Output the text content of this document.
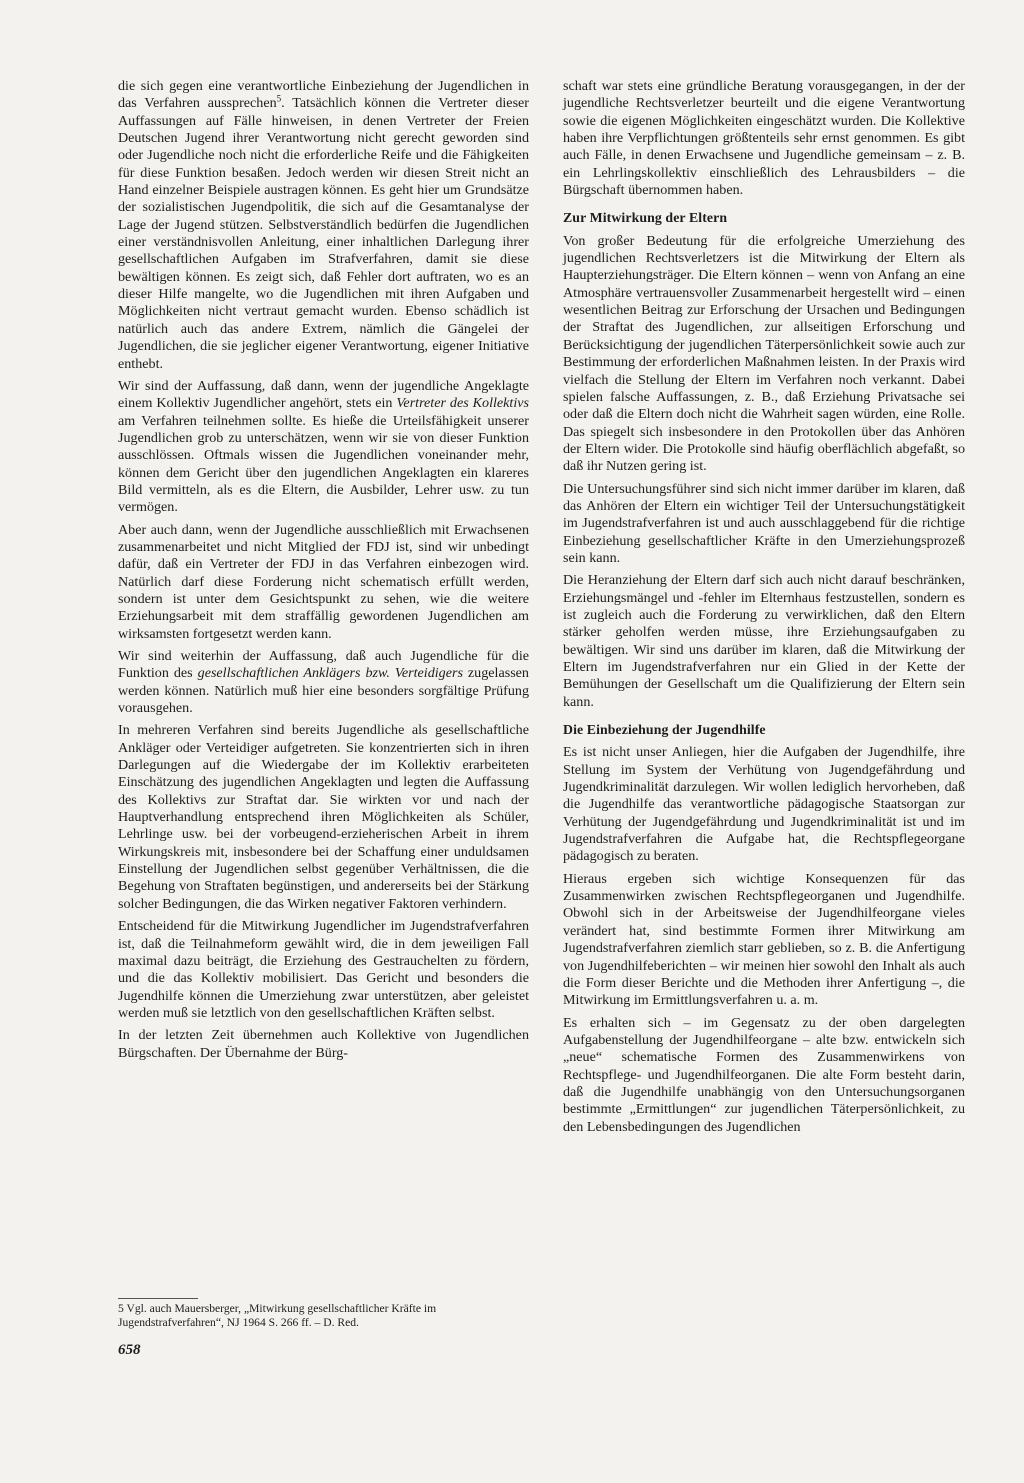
die sich gegen eine verantwortliche Einbeziehung der Jugendlichen in das Verfahren aussprechen$^5$. Tatsächlich können die Vertreter dieser Auffassungen auf Fälle hinweisen, in denen Vertreter der Freien Deutschen Jugend ihrer Verantwortung nicht gerecht geworden sind oder Jugendliche noch nicht die erforderliche Reife und die Fähigkeiten für diese Funktion besaßen. Jedoch werden wir diesen Streit nicht an Hand einzelner Beispiele austragen können. Es geht hier um Grundsätze der sozialistischen Jugendpolitik, die sich auf die Gesamtanalyse der Lage der Jugend stützen. Selbstverständlich bedürfen die Jugendlichen einer verständnisvollen Anleitung, einer inhaltlichen Darlegung ihrer gesellschaftlichen Aufgaben im Strafverfahren, damit sie diese bewältigen können. Es zeigt sich, daß Fehler dort auftraten, wo es an dieser Hilfe mangelte, wo die Jugendlichen mit ihren Aufgaben und Möglichkeiten nicht vertraut gemacht wurden. Ebenso schädlich ist natürlich auch das andere Extrem, nämlich die Gängelei der Jugendlichen, die sie jeglicher eigener Verantwortung, eigener Initiative enthebt.

Wir sind der Auffassung, daß dann, wenn der jugendliche Angeklagte einem Kollektiv Jugendlicher angehört, stets ein Vertreter des Kollektivs am Verfahren teilnehmen sollte. Es hieße die Urteilsfähigkeit unserer Jugendlichen grob zu unterschätzen, wenn wir sie von dieser Funktion ausschlössen. Oftmals wissen die Jugendlichen voneinander mehr, können dem Gericht über den jugendlichen Angeklagten ein klareres Bild vermitteln, als es die Eltern, die Ausbilder, Lehrer usw. zu tun vermögen.

Aber auch dann, wenn der Jugendliche ausschließlich mit Erwachsenen zusammenarbeitet und nicht Mitglied der FDJ ist, sind wir unbedingt dafür, daß ein Vertreter der FDJ in das Verfahren einbezogen wird. Natürlich darf diese Forderung nicht schematisch erfüllt werden, sondern ist unter dem Gesichtspunkt zu sehen, wie die weitere Erziehungsarbeit mit dem straffällig gewordenen Jugendlichen am wirksamsten fortgesetzt werden kann.

Wir sind weiterhin der Auffassung, daß auch Jugendliche für die Funktion des gesellschaftlichen Anklägers bzw. Verteidigers zugelassen werden können. Natürlich muß hier eine besonders sorgfältige Prüfung vorausgehen.

In mehreren Verfahren sind bereits Jugendliche als gesellschaftliche Ankläger oder Verteidiger aufgetreten. Sie konzentrierten sich in ihren Darlegungen auf die Wiedergabe der im Kollektiv erarbeiteten Einschätzung des jugendlichen Angeklagten und legten die Auffassung des Kollektivs zur Straftat dar. Sie wirkten vor und nach der Hauptverhandlung entsprechend ihren Möglichkeiten als Schüler, Lehrlinge usw. bei der vorbeugend-erzieherischen Arbeit in ihrem Wirkungskreis mit, insbesondere bei der Schaffung einer unduldsamen Einstellung der Jugendlichen selbst gegenüber Verhältnissen, die die Begehung von Straftaten begünstigen, und andererseits bei der Stärkung solcher Bedingungen, die das Wirken negativer Faktoren verhindern.

Entscheidend für die Mitwirkung Jugendlicher im Jugendstrafverfahren ist, daß die Teilnahmeform gewählt wird, die in dem jeweiligen Fall maximal dazu beiträgt, die Erziehung des Gestrauchelten zu fördern, und die das Kollektiv mobilisiert. Das Gericht und besonders die Jugendhilfe können die Umerziehung zwar unterstützen, aber geleistet werden muß sie letztlich von den gesellschaftlichen Kräften selbst.

In der letzten Zeit übernehmen auch Kollektive von Jugendlichen Bürgschaften. Der Übernahme der Bürg-

5 Vgl. auch Mauersberger, „Mitwirkung gesellschaftlicher Kräfte im Jugendstrafverfahren“, NJ 1964 S. 266 ff. – D. Red.

658

schaft war stets eine gründliche Beratung vorausgegangen, in der der jugendliche Rechtsverletzer beurteilt und die eigene Verantwortung sowie die eigenen Möglichkeiten eingeschätzt wurden. Die Kollektive haben ihre Verpflichtungen größtenteils sehr ernst genommen. Es gibt auch Fälle, in denen Erwachsene und Jugendliche gemeinsam – z. B. ein Lehrlingskollektiv einschließlich des Lehrausbilders – die Bürgschaft übernommen haben.

Zur Mitwirkung der Eltern

Von großer Bedeutung für die erfolgreiche Umerziehung des jugendlichen Rechtsverletzers ist die Mitwirkung der Eltern als Haupterziehungsträger. Die Eltern können – wenn von Anfang an eine Atmosphäre vertrauensvoller Zusammenarbeit hergestellt wird – einen wesentlichen Beitrag zur Erforschung der Ursachen und Bedingungen der Straftat des Jugendlichen, zur allseitigen Erforschung und Berücksichtigung der jugendlichen Täterpersönlichkeit sowie auch zur Bestimmung der erforderlichen Maßnahmen leisten. In der Praxis wird vielfach die Stellung der Eltern im Verfahren noch verkannt. Dabei spielen falsche Auffassungen, z. B., daß Erziehung Privatsache sei oder daß die Eltern doch nicht die Wahrheit sagen würden, eine Rolle. Das spiegelt sich insbesondere in den Protokollen über das Anhören der Eltern wider. Die Protokolle sind häufig oberflächlich abgefaßt, so daß ihr Nutzen gering ist.

Die Untersuchungsführer sind sich nicht immer darüber im klaren, daß das Anhören der Eltern ein wichtiger Teil der Untersuchungstätigkeit im Jugendstrafverfahren ist und auch ausschlaggebend für die richtige Einbeziehung gesellschaftlicher Kräfte in den Umerziehungsprozeß sein kann.

Die Heranziehung der Eltern darf sich auch nicht darauf beschränken, Erziehungsmängel und -fehler im Elternhaus festzustellen, sondern es ist zugleich auch die Forderung zu verwirklichen, daß den Eltern stärker geholfen werden müsse, ihre Erziehungsaufgaben zu bewältigen. Wir sind uns darüber im klaren, daß die Mitwirkung der Eltern im Jugendstrafverfahren nur ein Glied in der Kette der Bemühungen der Gesellschaft um die Qualifizierung der Eltern sein kann.

Die Einbeziehung der Jugendhilfe

Es ist nicht unser Anliegen, hier die Aufgaben der Jugendhilfe, ihre Stellung im System der Verhütung von Jugendgefährdung und Jugendkriminalität darzulegen. Wir wollen lediglich hervorheben, daß die Jugendhilfe das verantwortliche pädagogische Staatsorgan zur Verhütung der Jugendgefährdung und Jugendkriminalität ist und im Jugendstrafverfahren die Aufgabe hat, die Rechtspflegeorgane pädagogisch zu beraten.

Hieraus ergeben sich wichtige Konsequenzen für das Zusammenwirken zwischen Rechtspflegeorganen und Jugendhilfe. Obwohl sich in der Arbeitsweise der Jugendhilfeorgane vieles verändert hat, sind bestimmte Formen ihrer Mitwirkung am Jugendstrafverfahren ziemlich starr geblieben, so z. B. die Anfertigung von Jugendhilfeberichten – wir meinen hier sowohl den Inhalt als auch die Form dieser Berichte und die Methoden ihrer Anfertigung –, die Mitwirkung im Ermittlungsverfahren u. a. m.

Es erhalten sich – im Gegensatz zu der oben dargelegten Aufgabenstellung der Jugendhilfeorgane – alte bzw. entwickeln sich „neue“ schematische Formen des Zusammenwirkens von Rechtspflege- und Jugendhilfeorganen. Die alte Form besteht darin, daß die Jugendhilfe unabhängig von den Untersuchungsorganen bestimmte „Ermittlungen“ zur jugendlichen Täterpersönlichkeit, zu den Lebensbedingungen des Jugendlichen
